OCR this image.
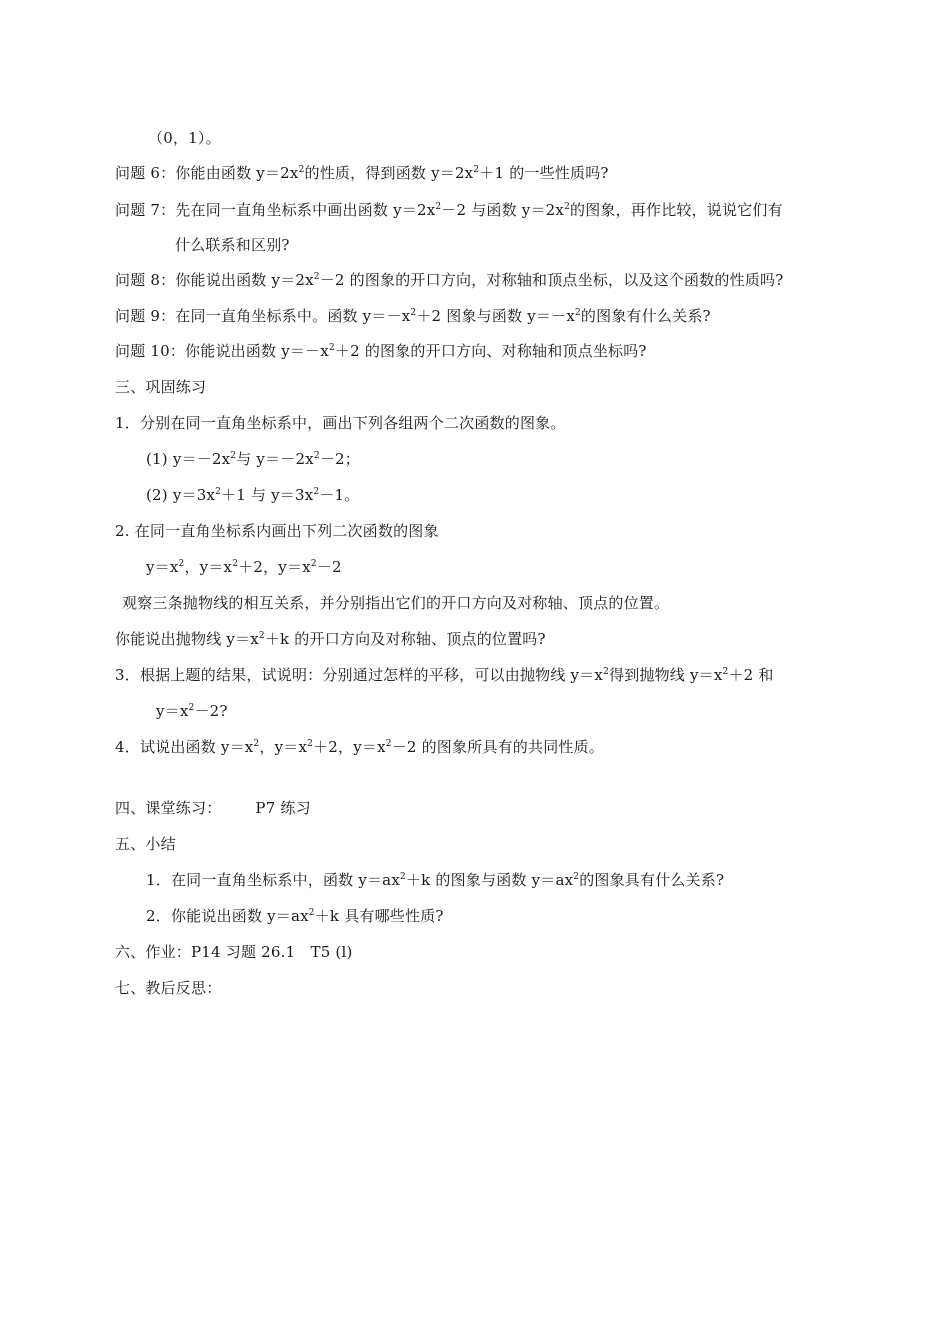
（0，1）。
问题 6：你能由函数 $y=2x^2$的性质，得到函数 $y=2x^2+1$ 的一些性质吗?
问题 7：先在同一直角坐标系中画出函数 $y=2x^2-2$ 与函数 $y=2x^2$的图象，再作比较，说说它们有
什么联系和区别?
问题 8：你能说出函数 $y=2x^2-2$ 的图象的开口方向，对称轴和顶点坐标，以及这个函数的性质吗?
问题 9：在同一直角坐标系中。函数 $y=-x^2+2$ 图象与函数 $y=-x^2$的图象有什么关系?
问题 10：你能说出函数 $y=-x^2+2$ 的图象的开口方向、对称轴和顶点坐标吗?
三、巩固练习
1．分别在同一直角坐标系中，画出下列各组两个二次函数的图象。
(1) $y=-2x^2$与 $y=-2x^2-2$；
(2) $y=3x^2+1$ 与 $y=3x^2-1$。
2. 在同一直角坐标系内画出下列二次函数的图象
$y=x^2$，$y=x^2+2$，$y=x^2-2$
观察三条抛物线的相互关系，并分别指出它们的开口方向及对称轴、顶点的位置。
你能说出抛物线 $y=x^2+k$ 的开口方向及对称轴、顶点的位置吗?
3．根据上题的结果，试说明：分别通过怎样的平移，可以由抛物线 $y=x^2$得到抛物线 $y=x^2+2$ 和
$y=x^2-2$?
4．试说出函数 $y=x^2$，$y=x^2+2$，$y=x^2-2$ 的图象所具有的共同性质。
四、课堂练习： P7 练习
五、小结
1．在同一直角坐标系中，函数 $y=ax^2+k$ 的图象与函数 $y=ax^2$的图象具有什么关系?
2．你能说出函数 $y=ax^2+k$ 具有哪些性质?
六、作业：P14 习题 26.1　T5 (l)
七、教后反思：
